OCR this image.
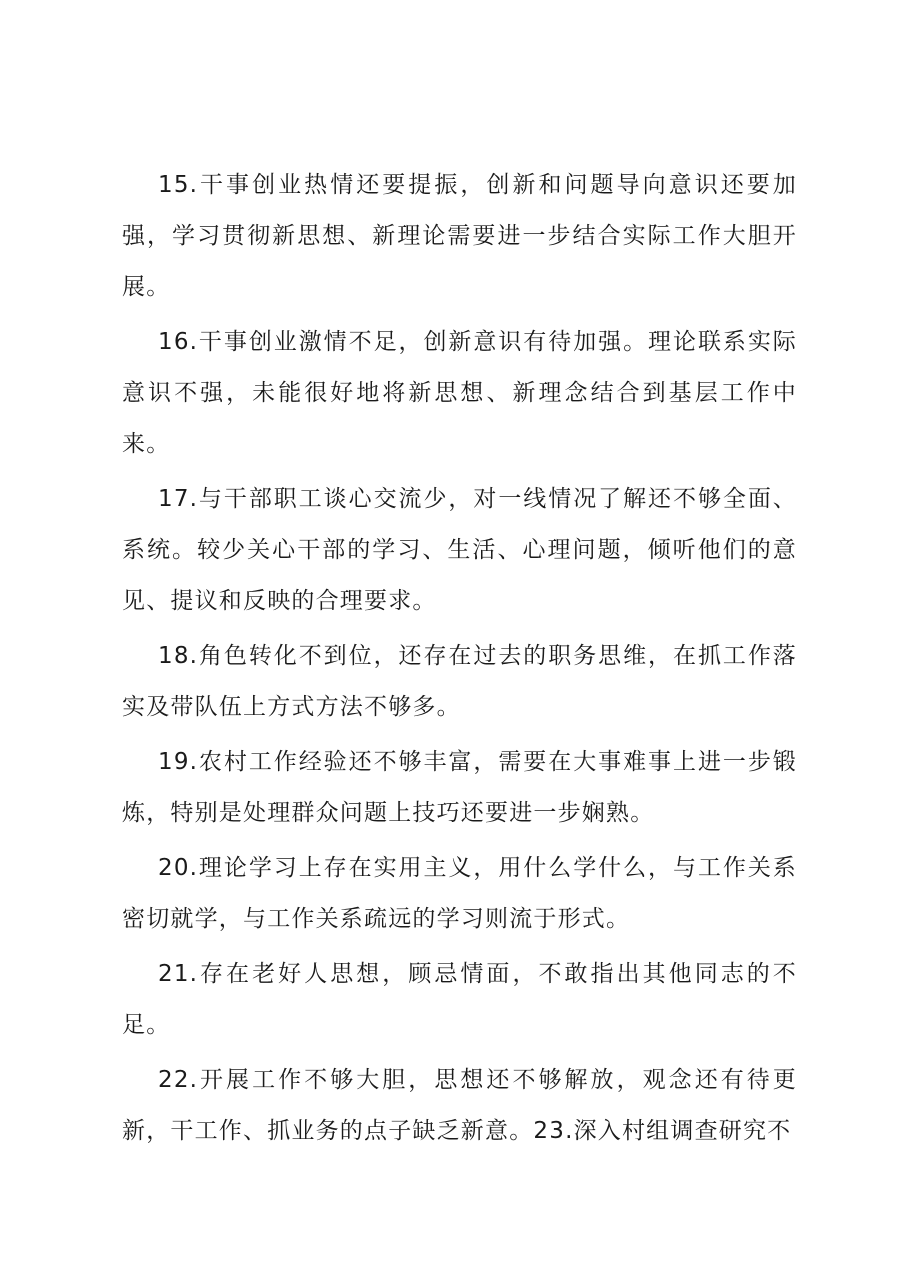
15.干事创业热情还要提振，创新和问题导向意识还要加强，学习贯彻新思想、新理论需要进一步结合实际工作大胆开展。

16.干事创业激情不足，创新意识有待加强。理论联系实际意识不强，未能很好地将新思想、新理念结合到基层工作中来。

17.与干部职工谈心交流少，对一线情况了解还不够全面、系统。较少关心干部的学习、生活、心理问题，倾听他们的意见、提议和反映的合理要求。

18.角色转化不到位，还存在过去的职务思维，在抓工作落实及带队伍上方式方法不够多。

19.农村工作经验还不够丰富，需要在大事难事上进一步锻炼，特别是处理群众问题上技巧还要进一步娴熟。

20.理论学习上存在实用主义，用什么学什么，与工作关系密切就学，与工作关系疏远的学习则流于形式。

21.存在老好人思想，顾忌情面，不敢指出其他同志的不足。

22.开展工作不够大胆，思想还不够解放，观念还有待更新，干工作、抓业务的点子缺乏新意。23.深入村组调查研究不
